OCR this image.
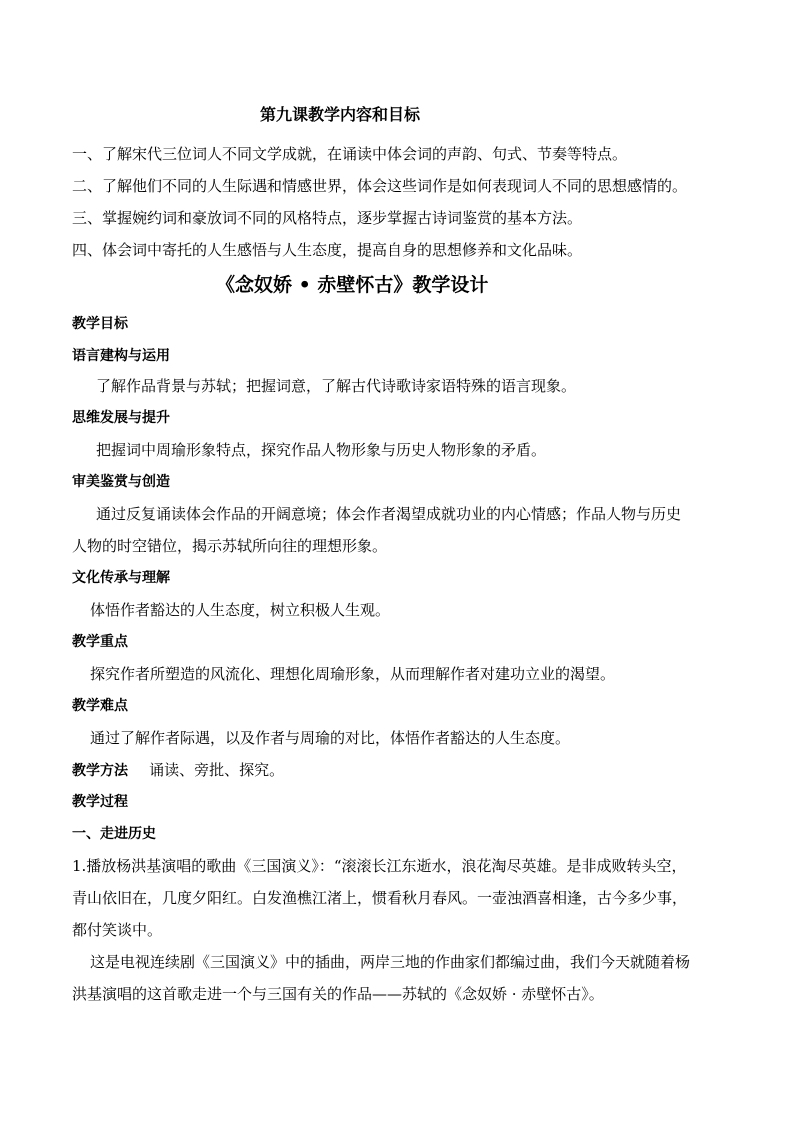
第九课教学内容和目标
一、了解宋代三位词人不同文学成就，在诵读中体会词的声韵、句式、节奏等特点。
二、了解他们不同的人生际遇和情感世界，体会这些词作是如何表现词人不同的思想感情的。
三、掌握婉约词和豪放词不同的风格特点，逐步掌握古诗词鉴赏的基本方法。
四、体会词中寄托的人生感悟与人生态度，提高自身的思想修养和文化品味。
《念奴娇 • 赤壁怀古》教学设计
教学目标
语言建构与运用
了解作品背景与苏轼；把握词意，了解古代诗歌诗家语特殊的语言现象。
思维发展与提升
把握词中周瑜形象特点，探究作品人物形象与历史人物形象的矛盾。
审美鉴赏与创造
通过反复诵读体会作品的开阔意境；体会作者渴望成就功业的内心情感；作品人物与历史
人物的时空错位，揭示苏轼所向往的理想形象。
文化传承与理解
体悟作者豁达的人生态度，树立积极人生观。
教学重点
探究作者所塑造的风流化、理想化周瑜形象，从而理解作者对建功立业的渴望。
教学难点
通过了解作者际遇，以及作者与周瑜的对比，体悟作者豁达的人生态度。
教学方法 诵读、旁批、探究。
教学过程
一、走进历史
1.播放杨洪基演唱的歌曲《三国演义》：“滚滚长江东逝水，浪花淘尽英雄。是非成败转头空，
青山依旧在，几度夕阳红。白发渔樵江渚上，惯看秋月春风。一壶浊酒喜相逢，古今多少事，
都付笑谈中。
这是电视连续剧《三国演义》中的插曲，两岸三地的作曲家们都编过曲，我们今天就随着杨
洪基演唱的这首歌走进一个与三国有关的作品——苏轼的《念奴娇 · 赤壁怀古》。
